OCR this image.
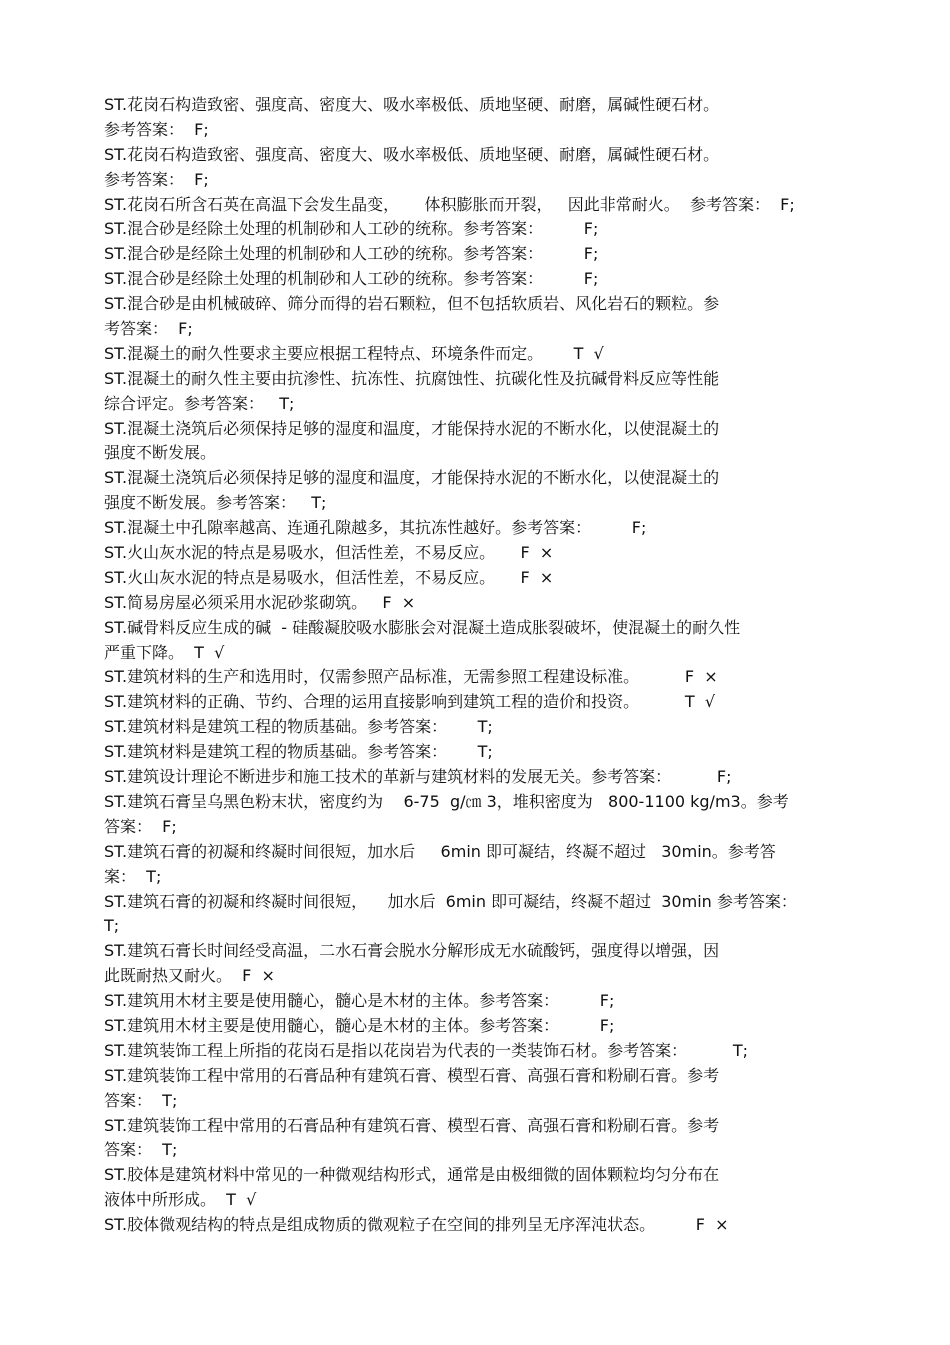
ST.花岗石构造致密、强度高、密度大、吸水率极低、质地坚硬、耐磨，属碱性硬石材。
参考答案：  F;
ST.花岗石构造致密、强度高、密度大、吸水率极低、质地坚硬、耐磨，属碱性硬石材。
参考答案：  F;
ST.花岗石所含石英在高温下会发生晶变，     体积膨胀而开裂，   因此非常耐火。  参考答案：  F;
ST.混合砂是经除土处理的机制砂和人工砂的统称。参考答案：        F;
ST.混合砂是经除土处理的机制砂和人工砂的统称。参考答案：        F;
ST.混合砂是经除土处理的机制砂和人工砂的统称。参考答案：        F;
ST.混合砂是由机械破碎、筛分而得的岩石颗粒，但不包括软质岩、风化岩石的颗粒。参
考答案：  F;
ST.混凝土的耐久性要求主要应根据工程特点、环境条件而定。      T  √
ST.混凝土的耐久性主要由抗渗性、抗冻性、抗腐蚀性、抗碳化性及抗碱骨料反应等性能
综合评定。参考答案：   T;
ST.混凝土浇筑后必须保持足够的湿度和温度，才能保持水泥的不断水化，以使混凝土的
强度不断发展。
ST.混凝土浇筑后必须保持足够的湿度和温度，才能保持水泥的不断水化，以使混凝土的
强度不断发展。参考答案：   T;
ST.混凝土中孔隙率越高、连通孔隙越多，其抗冻性越好。参考答案：        F;
ST.火山灰水泥的特点是易吸水，但活性差，不易反应。     F  ×
ST.火山灰水泥的特点是易吸水，但活性差，不易反应。     F  ×
ST.简易房屋必须采用水泥砂浆砌筑。   F  ×
ST.碱骨料反应生成的碱  - 硅酸凝胶吸水膨胀会对混凝土造成胀裂破坏，使混凝土的耐久性
严重下降。  T  √
ST.建筑材料的生产和选用时，仅需参照产品标准，无需参照工程建设标准。         F  ×
ST.建筑材料的正确、节约、合理的运用直接影响到建筑工程的造价和投资。         T  √
ST.建筑材料是建筑工程的物质基础。参考答案：      T;
ST.建筑材料是建筑工程的物质基础。参考答案：      T;
ST.建筑设计理论不断进步和施工技术的革新与建筑材料的发展无关。参考答案：         F;
ST.建筑石膏呈乌黑色粉末状，密度约为    6-75  g/㎝ 3，堆积密度为   800-1100 kg/m3。参考
答案：  F;
ST.建筑石膏的初凝和终凝时间很短，加水后     6min 即可凝结，终凝不超过   30min。参考答
案：  T;
ST.建筑石膏的初凝和终凝时间很短，    加水后  6min 即可凝结，终凝不超过  30min 参考答案：
T;
ST.建筑石膏长时间经受高温，二水石膏会脱水分解形成无水硫酸钙，强度得以增强，因
此既耐热又耐火。  F  ×
ST.建筑用木材主要是使用髓心，髓心是木材的主体。参考答案：        F;
ST.建筑用木材主要是使用髓心，髓心是木材的主体。参考答案：        F;
ST.建筑装饰工程上所指的花岗石是指以花岗岩为代表的一类装饰石材。参考答案：         T;
ST.建筑装饰工程中常用的石膏品种有建筑石膏、模型石膏、高强石膏和粉刷石膏。参考
答案：  T;
ST.建筑装饰工程中常用的石膏品种有建筑石膏、模型石膏、高强石膏和粉刷石膏。参考
答案：  T;
ST.胶体是建筑材料中常见的一种微观结构形式，通常是由极细微的固体颗粒均匀分布在
液体中所形成。  T  √
ST.胶体微观结构的特点是组成物质的微观粒子在空间的排列呈无序浑沌状态。        F  ×
